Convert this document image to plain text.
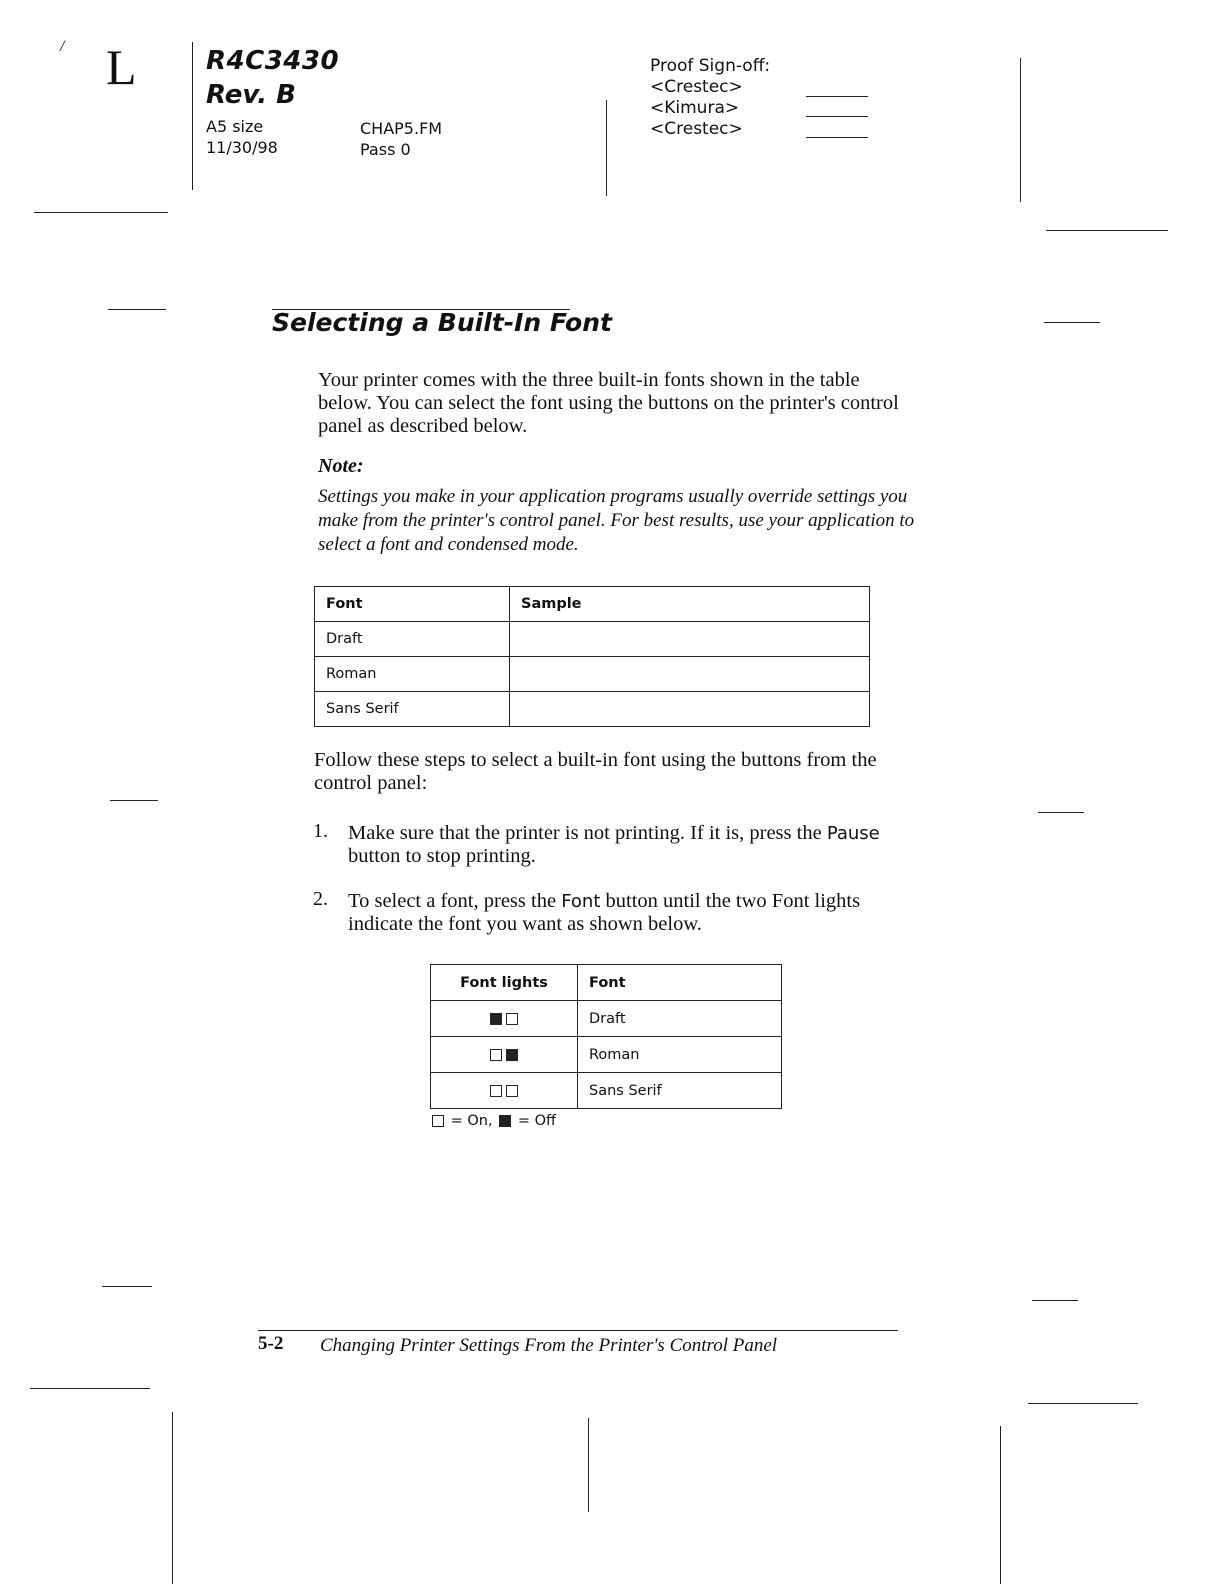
/ L	R4C3430
Rev. B
A5 size
11/30/98
CHAP5.FM
Pass 0
Proof Sign-off:
<Crestec>
<Kimura>
<Crestec>
Selecting a Built-In Font
Your printer comes with the three built-in fonts shown in the table below. You can select the font using the buttons on the printer's control panel as described below.
Note:
Settings you make in your application programs usually override settings you make from the printer's control panel. For best results, use your application to select a font and condensed mode.
Font	Sample
Draft	
Roman	
Sans Serif	
Follow these steps to select a built-in font using the buttons from the control panel:
1. Make sure that the printer is not printing. If it is, press the Pause button to stop printing.
2. To select a font, press the Font button until the two Font lights indicate the font you want as shown below.
Font lights	Font
	Draft
	Roman
	Sans Serif
= On, = Off
5-2 Changing Printer Settings From the Printer's Control Panel
